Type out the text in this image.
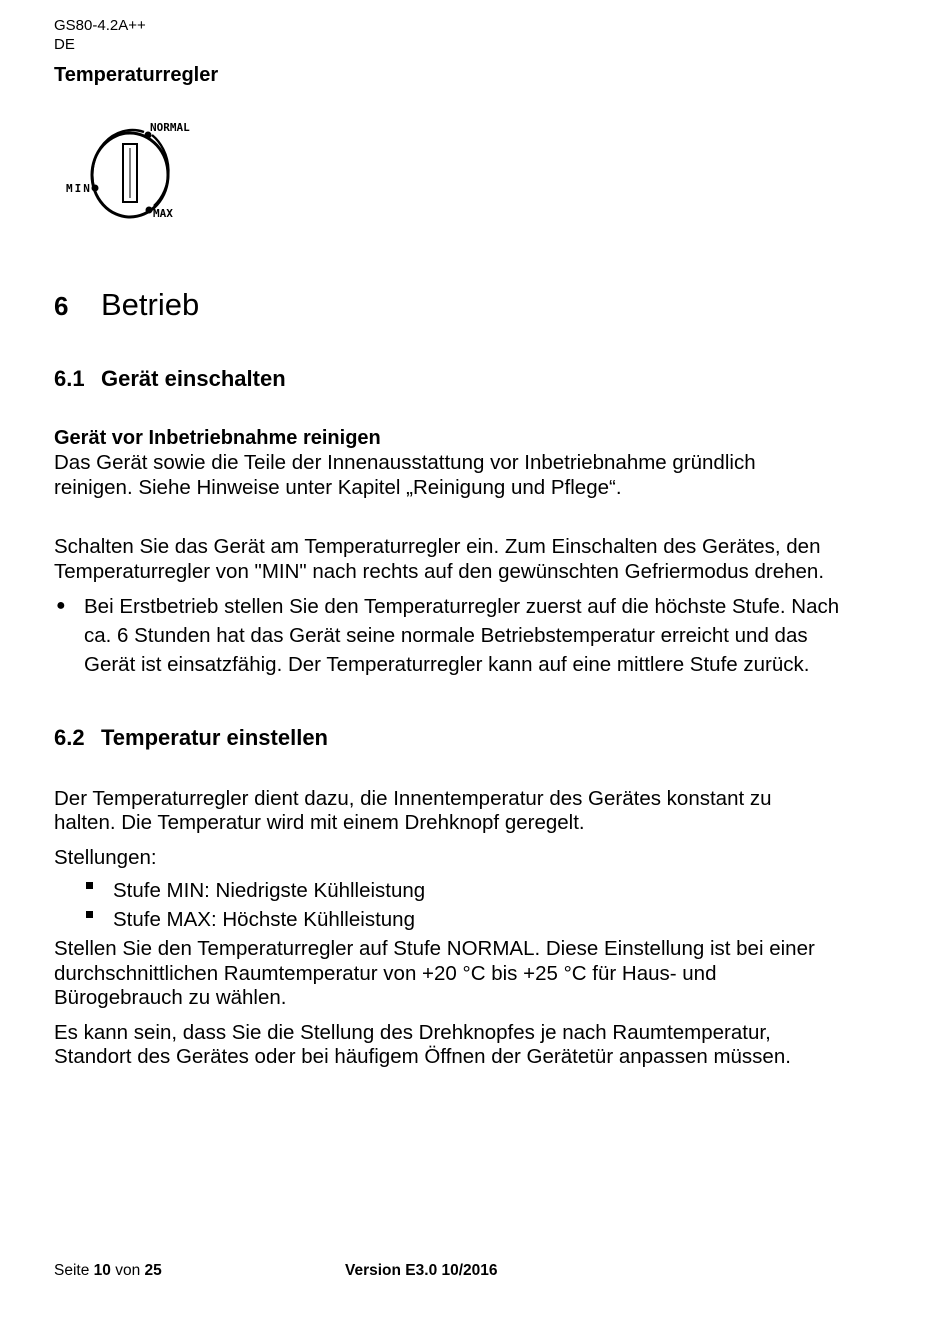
GS80-4.2A++
DE
Temperaturregler
NORMAL
MIN
MAX
6 Betrieb
6.1 Gerät einschalten
Gerät vor Inbetriebnahme reinigen
Das Gerät sowie die Teile der Innenausstattung vor Inbetriebnahme gründlich
reinigen. Siehe Hinweise unter Kapitel „Reinigung und Pflege“.
Schalten Sie das Gerät am Temperaturregler ein. Zum Einschalten des Gerätes, den
Temperaturregler von "MIN" nach rechts auf den gewünschten Gefriermodus drehen.
● Bei Erstbetrieb stellen Sie den Temperaturregler zuerst auf die höchste Stufe. Nach
ca. 6 Stunden hat das Gerät seine normale Betriebstemperatur erreicht und das
Gerät ist einsatzfähig. Der Temperaturregler kann auf eine mittlere Stufe zurück.
6.2 Temperatur einstellen
Der Temperaturregler dient dazu, die Innentemperatur des Gerätes konstant zu
halten. Die Temperatur wird mit einem Drehknopf geregelt.
Stellungen:
Stufe MIN: Niedrigste Kühlleistung
Stufe MAX: Höchste Kühlleistung
Stellen Sie den Temperaturregler auf Stufe NORMAL. Diese Einstellung ist bei einer
durchschnittlichen Raumtemperatur von +20 °C bis +25 °C für Haus- und
Bürogebrauch zu wählen.
Es kann sein, dass Sie die Stellung des Drehknopfes je nach Raumtemperatur,
Standort des Gerätes oder bei häufigem Öffnen der Gerätetür anpassen müssen.
Seite 10 von 25	Version E3.0 10/2016
